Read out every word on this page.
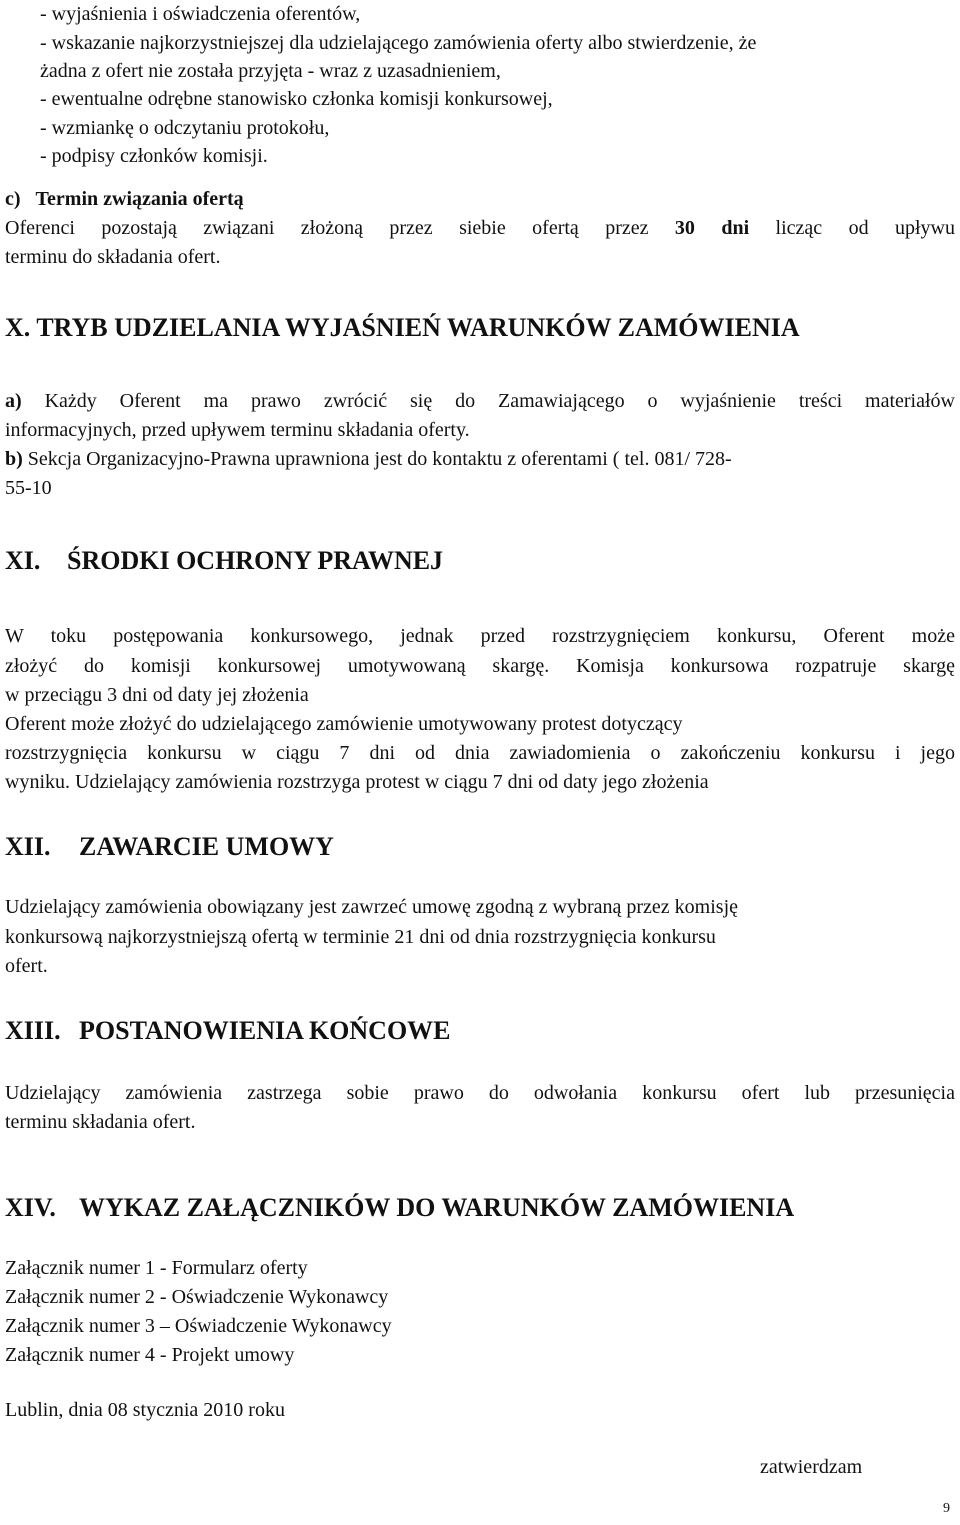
- wyjaśnienia i oświadczenia oferentów,
- wskazanie najkorzystniejszej dla udzielającego zamówienia oferty albo stwierdzenie, że
żadna z ofert nie została przyjęta - wraz z uzasadnieniem,
- ewentualne odrębne stanowisko członka komisji konkursowej,
- wzmiankę o odczytaniu protokołu,
- podpisy członków komisji.
c) Termin związania ofertą
Oferenci pozostają związani złożoną przez siebie ofertą przez 30 dni licząc od upływu
terminu do składania ofert.
X. TRYB UDZIELANIA WYJAŚNIEŃ WARUNKÓW ZAMÓWIENIA
a) Każdy Oferent ma prawo zwrócić się do Zamawiającego o wyjaśnienie treści materiałów
informacyjnych, przed upływem terminu składania oferty.
b) Sekcja Organizacyjno-Prawna uprawniona jest do kontaktu z oferentami ( tel. 081/ 728-
55-10
XI. ŚRODKI OCHRONY PRAWNEJ
W toku postępowania konkursowego, jednak przed rozstrzygnięciem konkursu, Oferent może
złożyć do komisji konkursowej umotywowaną skargę. Komisja konkursowa rozpatruje skargę
w przeciągu 3 dni od daty jej złożenia
Oferent może złożyć do udzielającego zamówienie umotywowany protest dotyczący
rozstrzygnięcia konkursu w ciągu 7 dni od dnia zawiadomienia o zakończeniu konkursu i jego
wyniku. Udzielający zamówienia rozstrzyga protest w ciągu 7 dni od daty jego złożenia
XII. ZAWARCIE UMOWY
Udzielający zamówienia obowiązany jest zawrzeć umowę zgodną z wybraną przez komisję
konkursową najkorzystniejszą ofertą w terminie 21 dni od dnia rozstrzygnięcia konkursu
ofert.
XIII. POSTANOWIENIA KOŃCOWE
Udzielający zamówienia zastrzega sobie prawo do odwołania konkursu ofert lub przesunięcia
terminu składania ofert.
XIV. WYKAZ ZAŁĄCZNIKÓW DO WARUNKÓW ZAMÓWIENIA
Załącznik numer 1 - Formularz oferty
Załącznik numer 2 - Oświadczenie Wykonawcy
Załącznik numer 3 – Oświadczenie Wykonawcy
Załącznik numer 4 - Projekt umowy
Lublin, dnia 08 stycznia 2010 roku
zatwierdzam
9
